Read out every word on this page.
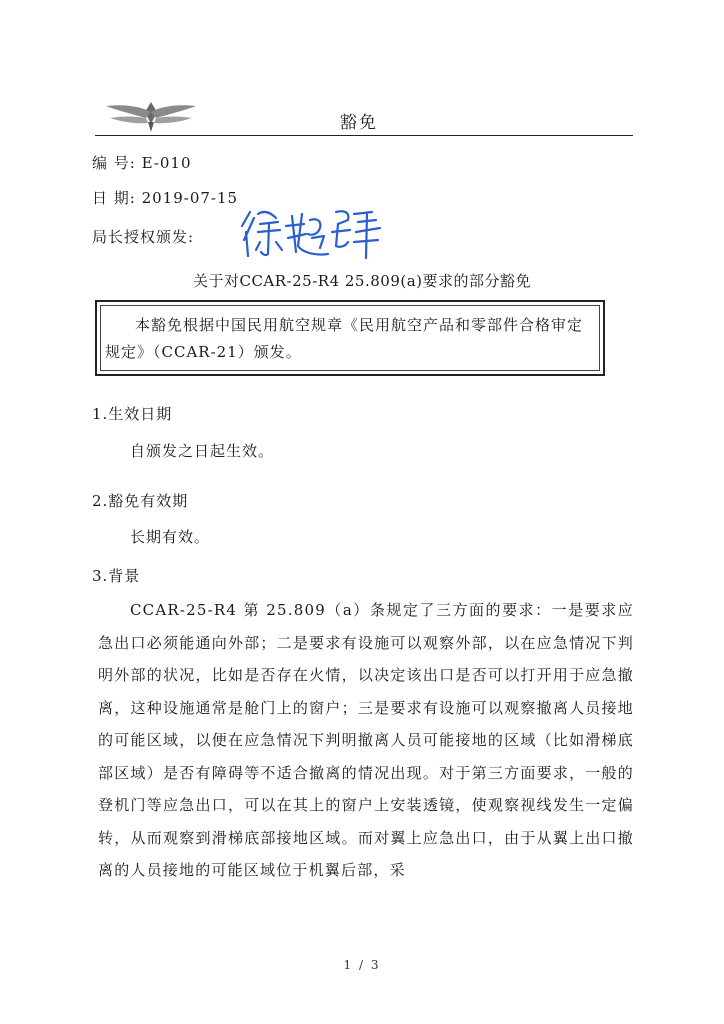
豁免
编 号: E-010
日 期: 2019-07-15
局长授权颁发:
关于对CCAR-25-R4 25.809(a)要求的部分豁免
本豁免根据中国民用航空规章《民用航空产品和零部件合格审定规定》（CCAR-21）颁发。
1.生效日期
自颁发之日起生效。
2.豁免有效期
长期有效。
3.背景
CCAR-25-R4 第 25.809（a）条规定了三方面的要求：一是要求应急出口必须能通向外部；二是要求有设施可以观察外部，以在应急情况下判明外部的状况，比如是否存在火情，以决定该出口是否可以打开用于应急撤离，这种设施通常是舱门上的窗户；三是要求有设施可以观察撤离人员接地的可能区域，以便在应急情况下判明撤离人员可能接地的区域（比如滑梯底部区域）是否有障碍等不适合撤离的情况出现。对于第三方面要求，一般的登机门等应急出口，可以在其上的窗户上安装透镜，使观察视线发生一定偏转，从而观察到滑梯底部接地区域。而对翼上应急出口，由于从翼上出口撤离的人员接地的可能区域位于机翼后部，采
1 / 3
